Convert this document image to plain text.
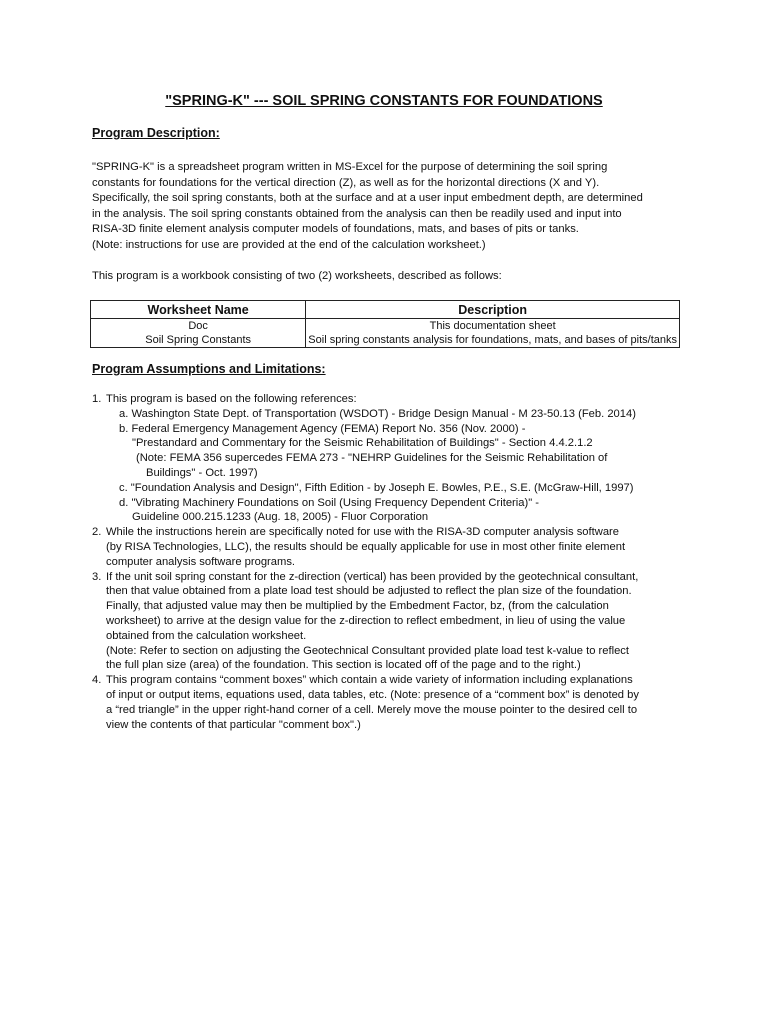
"SPRING-K" --- SOIL SPRING CONSTANTS FOR FOUNDATIONS
Program Description:
"SPRING-K" is a spreadsheet program written in MS-Excel for the purpose of determining the soil spring
constants for foundations for the vertical direction (Z), as well as for the horizontal directions (X and Y).
Specifically, the soil spring constants, both at the surface and at a user input embedment depth, are determined
in the analysis. The soil spring constants obtained from the analysis can then be readily used and input into
RISA-3D finite element analysis computer models of foundations, mats, and bases of pits or tanks.
(Note: instructions for use are provided at the end of the calculation worksheet.)
This program is a workbook consisting of two (2) worksheets, described as follows:
Worksheet Name	Description
Doc	This documentation sheet
Soil Spring Constants	Soil spring constants analysis for foundations, mats, and bases of pits/tanks
Program Assumptions and Limitations:
1. This program is based on the following references:
a. Washington State Dept. of Transportation (WSDOT) - Bridge Design Manual - M 23-50.13 (Feb. 2014)
b. Federal Emergency Management Agency (FEMA) Report No. 356 (Nov. 2000) -
"Prestandard and Commentary for the Seismic Rehabilitation of Buildings" - Section 4.4.2.1.2
(Note: FEMA 356 supercedes FEMA 273 - "NEHRP Guidelines for the Seismic Rehabilitation of
Buildings" - Oct. 1997)
c. "Foundation Analysis and Design", Fifth Edition - by Joseph E. Bowles, P.E., S.E. (McGraw-Hill, 1997)
d. "Vibrating Machinery Foundations on Soil (Using Frequency Dependent Criteria)" -
Guideline 000.215.1233 (Aug. 18, 2005) - Fluor Corporation
2. While the instructions herein are specifically noted for use with the RISA-3D computer analysis software
(by RISA Technologies, LLC), the results should be equally applicable for use in most other finite element
computer analysis software programs.
3. If the unit soil spring constant for the z-direction (vertical) has been provided by the geotechnical consultant,
then that value obtained from a plate load test should be adjusted to reflect the plan size of the foundation.
Finally, that adjusted value may then be multiplied by the Embedment Factor, bz, (from the calculation
worksheet) to arrive at the design value for the z-direction to reflect embedment, in lieu of using the value
obtained from the calculation worksheet.
(Note: Refer to section on adjusting the Geotechnical Consultant provided plate load test k-value to reflect
the full plan size (area) of the foundation. This section is located off of the page and to the right.)
4. This program contains “comment boxes” which contain a wide variety of information including explanations
of input or output items, equations used, data tables, etc. (Note: presence of a “comment box” is denoted by
a “red triangle” in the upper right-hand corner of a cell. Merely move the mouse pointer to the desired cell to
view the contents of that particular "comment box".)
